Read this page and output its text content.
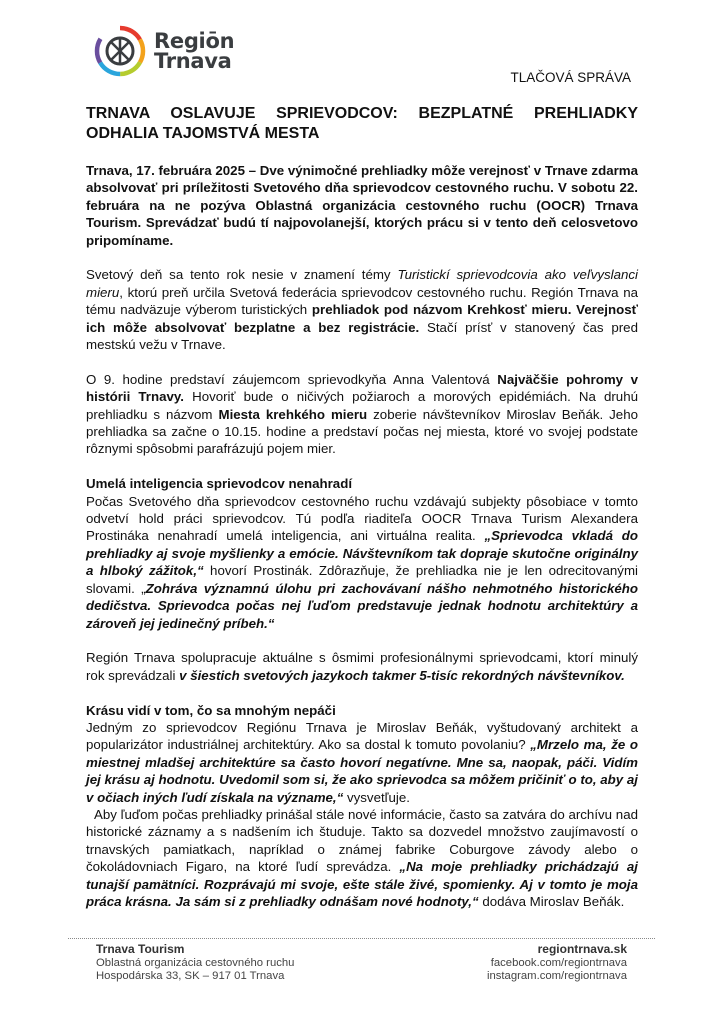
Regiōn
Trnava
TLAČOVÁ SPRÁVA
TRNAVA OSLAVUJE SPRIEVODCOV: BEZPLATNÉ PREHLIADKY ODHALIA TAJOMSTVÁ MESTA

Trnava, 17. februára 2025 – Dve výnimočné prehliadky môže verejnosť v Trnave zdarma absolvovať pri príležitosti Svetového dňa sprievodcov cestovného ruchu. V sobotu 22. februára na ne pozýva Oblastná organizácia cestovného ruchu (OOCR) Trnava Tourism. Sprevádzať budú tí najpovolanejší, ktorých prácu si v tento deň celosvetovo pripomíname.

Svetový deň sa tento rok nesie v znamení témy Turistickí sprievodcovia ako veľvyslanci mieru, ktorú preň určila Svetová federácia sprievodcov cestovného ruchu. Región Trnava na tému nadväzuje výberom turistických prehliadok pod názvom Krehkosť mieru. Verejnosť ich môže absolvovať bezplatne a bez registrácie. Stačí prísť v stanovený čas pred mestskú vežu v Trnave.

O 9. hodine predstaví záujemcom sprievodkyňa Anna Valentová Najväčšie pohromy v histórii Trnavy. Hovoriť bude o ničivých požiaroch a morových epidémiách. Na druhú prehliadku s názvom Miesta krehkého mieru zoberie návštevníkov Miroslav Beňák. Jeho prehliadka sa začne o 10.15. hodine a predstaví počas nej miesta, ktoré vo svojej podstate rôznymi spôsobmi parafrázujú pojem mier.

Umelá inteligencia sprievodcov nenahradí

Počas Svetového dňa sprievodcov cestovného ruchu vzdávajú subjekty pôsobiace v tomto odvetví hold práci sprievodcov. Tú podľa riaditeľa OOCR Trnava Turism Alexandera Prostináka nenahradí umelá inteligencia, ani virtuálna realita. „Sprievodca vkladá do prehliadky aj svoje myšlienky a emócie. Návštevníkom tak dopraje skutočne originálny a hlboký zážitok,“ hovorí Prostinák. Zdôrazňuje, že prehliadka nie je len odrecitovanými slovami. „Zohráva významnú úlohu pri zachovávaní nášho nehmotného historického dedičstva. Sprievodca počas nej ľuďom predstavuje jednak hodnotu architektúry a zároveň jej jedinečný príbeh.“

Región Trnava spolupracuje aktuálne s ôsmimi profesionálnymi sprievodcami, ktorí minulý rok sprevádzali v šiestich svetových jazykoch takmer 5-tisíc rekordných návštevníkov.

Krásu vidí v tom, čo sa mnohým nepáči

Jedným zo sprievodcov Regiónu Trnava je Miroslav Beňák, vyštudovaný architekt a popularizátor industriálnej architektúry. Ako sa dostal k tomuto povolaniu? „Mrzelo ma, že o miestnej mladšej architektúre sa často hovorí negatívne. Mne sa, naopak, páči. Vidím jej krásu aj hodnotu. Uvedomil som si, že ako sprievodca sa môžem pričiniť o to, aby aj v očiach iných ľudí získala na význame,“ vysvetľuje.

Aby ľuďom počas prehliadky prinášal stále nové informácie, často sa zatvára do archívu nad historické záznamy a s nadšením ich študuje. Takto sa dozvedel množstvo zaujímavostí o trnavských pamiatkach, napríklad o známej fabrike Coburgove závody alebo o čokoládovniach Figaro, na ktoré ľudí sprevádza. „Na moje prehliadky prichádzajú aj tunajší pamätníci. Rozprávajú mi svoje, ešte stále živé, spomienky. Aj v tomto je moja práca krásna. Ja sám si z prehliadky odnášam nové hodnoty,“ dodáva Miroslav Beňák.

Trnava Tourism
Oblastná organizácia cestovného ruchu
Hospodárska 33, SK – 917 01 Trnava
regiontrnava.sk
facebook.com/regiontrnava
instagram.com/regiontrnava
